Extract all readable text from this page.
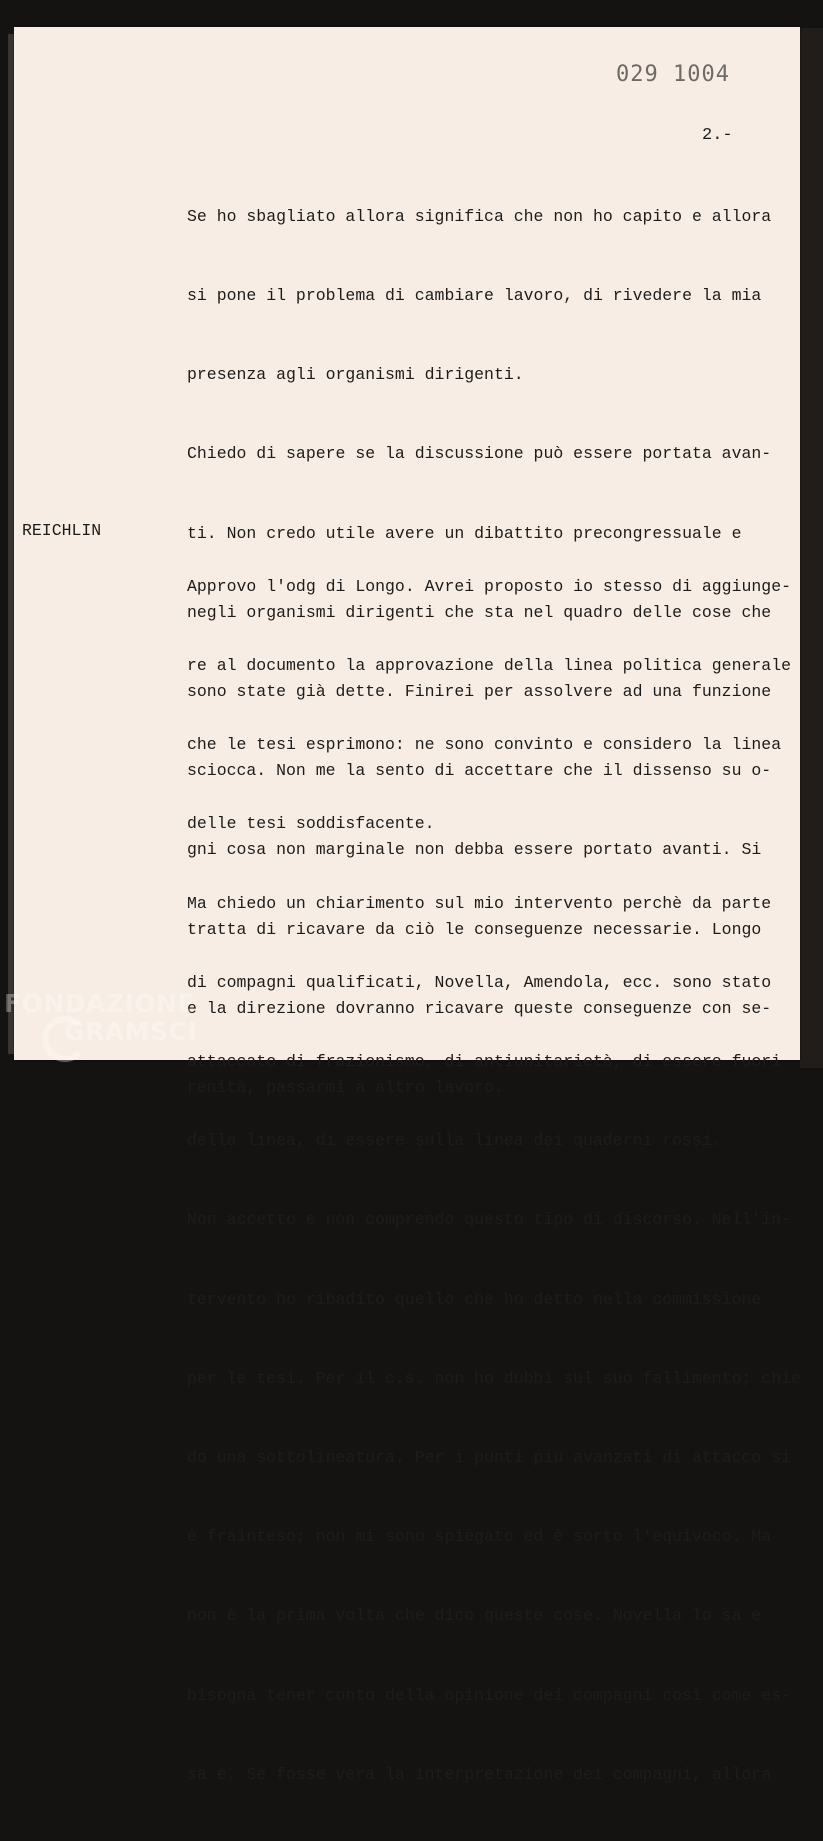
029 1004
2.-

Se ho sbagliato allora significa che non ho capito e allora

si pone il problema di cambiare lavoro, di rivedere la mia

presenza agli organismi dirigenti.

Chiedo di sapere se la discussione può essere portata avan-

ti. Non credo utile avere un dibattito precongressuale e

negli organismi dirigenti che sta nel quadro delle cose che

sono state già dette. Finirei per assolvere ad una funzione

sciocca. Non me la sento di accettare che il dissenso su o-

gni cosa non marginale non debba essere portato avanti. Si

tratta di ricavare da ciò le conseguenze necessarie. Longo

e la direzione dovranno ricavare queste conseguenze con se-

renità, passarmi a altro lavoro.

REICHLIN

Approvo l'odg di Longo. Avrei proposto io stesso di aggiunge-

re al documento la approvazione della linea politica generale

che le tesi esprimono: ne sono convinto e considero la linea

delle tesi soddisfacente.

Ma chiedo un chiarimento sul mio intervento perchè da parte

di compagni qualificati, Novella, Amendola, ecc. sono stato

attaccato di frazionismo, di antiunitarietà, di essere fuori

della linea, di essere sulla linea dei quaderni rossi.

Non accetto e non comprendo questo tipo di discorso. Nell'in-

tervento ho ribadito quello che ho detto nella commissione

per le tesi. Per il c.s. non ho dubbi sul suo fallimento; chie

do una sottolineatura. Per i punti più avanzati di attacco si

è frainteso; non mi sono spiegato ed è sorto l'equivoco. Ma

non è la prima volta che dico queste cose. Novella lo sa e

bisogna tener conto della opinione dei compagni così come es-

sa è. Se fosse vera la interpretazione dei compagni, allora

FONDAZIONE
GRAMSCI
